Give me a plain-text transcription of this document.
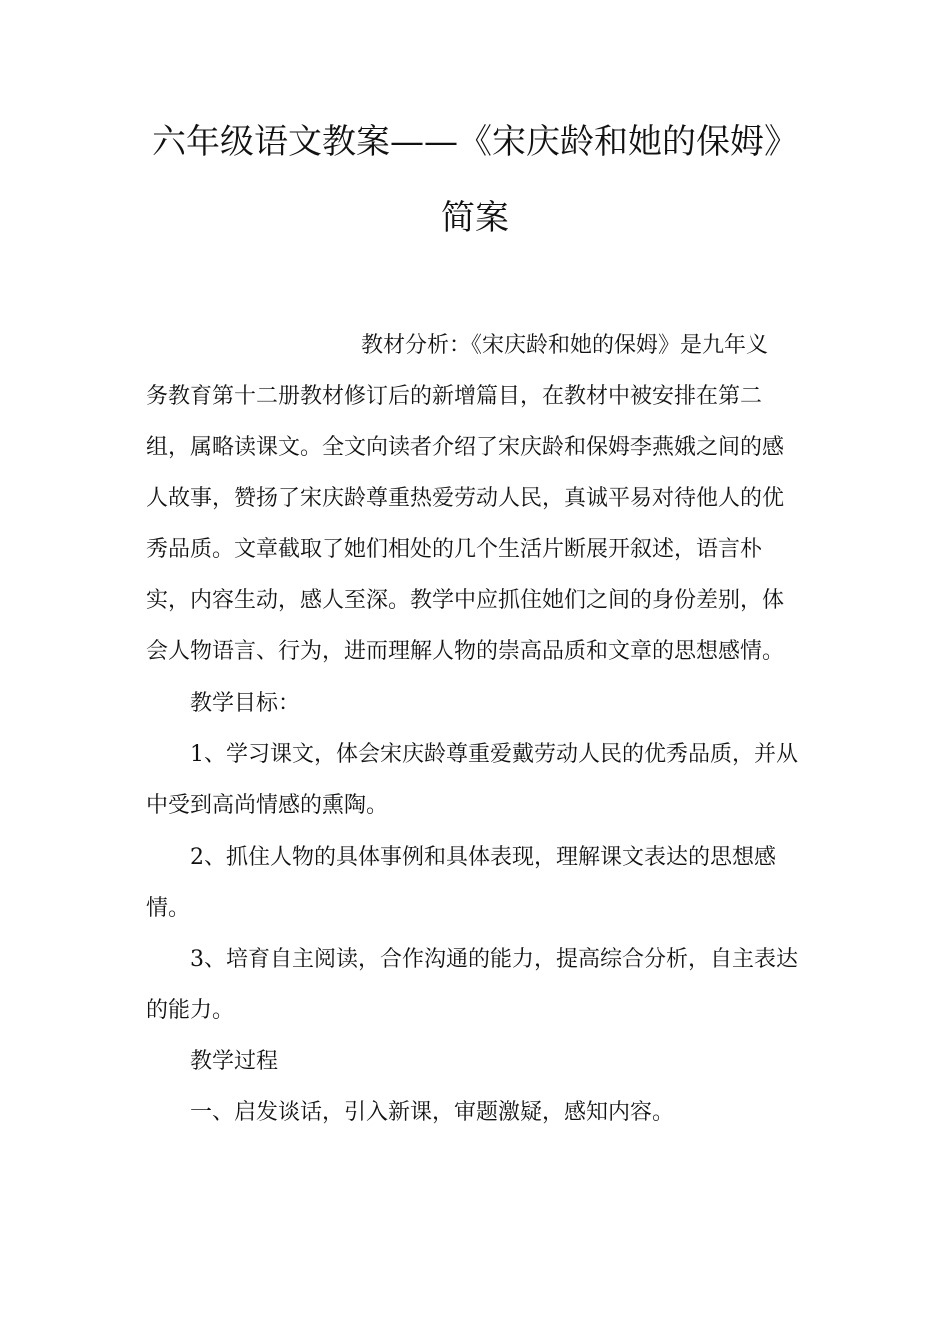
六年级语文教案——《宋庆龄和她的保姆》
简案
教材分析：《宋庆龄和她的保姆》是九年义
务教育第十二册教材修订后的新增篇目，在教材中被安排在第二
组，属略读课文。全文向读者介绍了宋庆龄和保姆李燕娥之间的感
人故事，赞扬了宋庆龄尊重热爱劳动人民，真诚平易对待他人的优
秀品质。文章截取了她们相处的几个生活片断展开叙述，语言朴
实，内容生动，感人至深。教学中应抓住她们之间的身份差别，体
会人物语言、行为，进而理解人物的崇高品质和文章的思想感情。
教学目标：
1、学习课文，体会宋庆龄尊重爱戴劳动人民的优秀品质，并从
中受到高尚情感的熏陶。
2、抓住人物的具体事例和具体表现，理解课文表达的思想感
情。
3、培育自主阅读，合作沟通的能力，提高综合分析，自主表达
的能力。
教学过程
一、启发谈话，引入新课，审题激疑，感知内容。
